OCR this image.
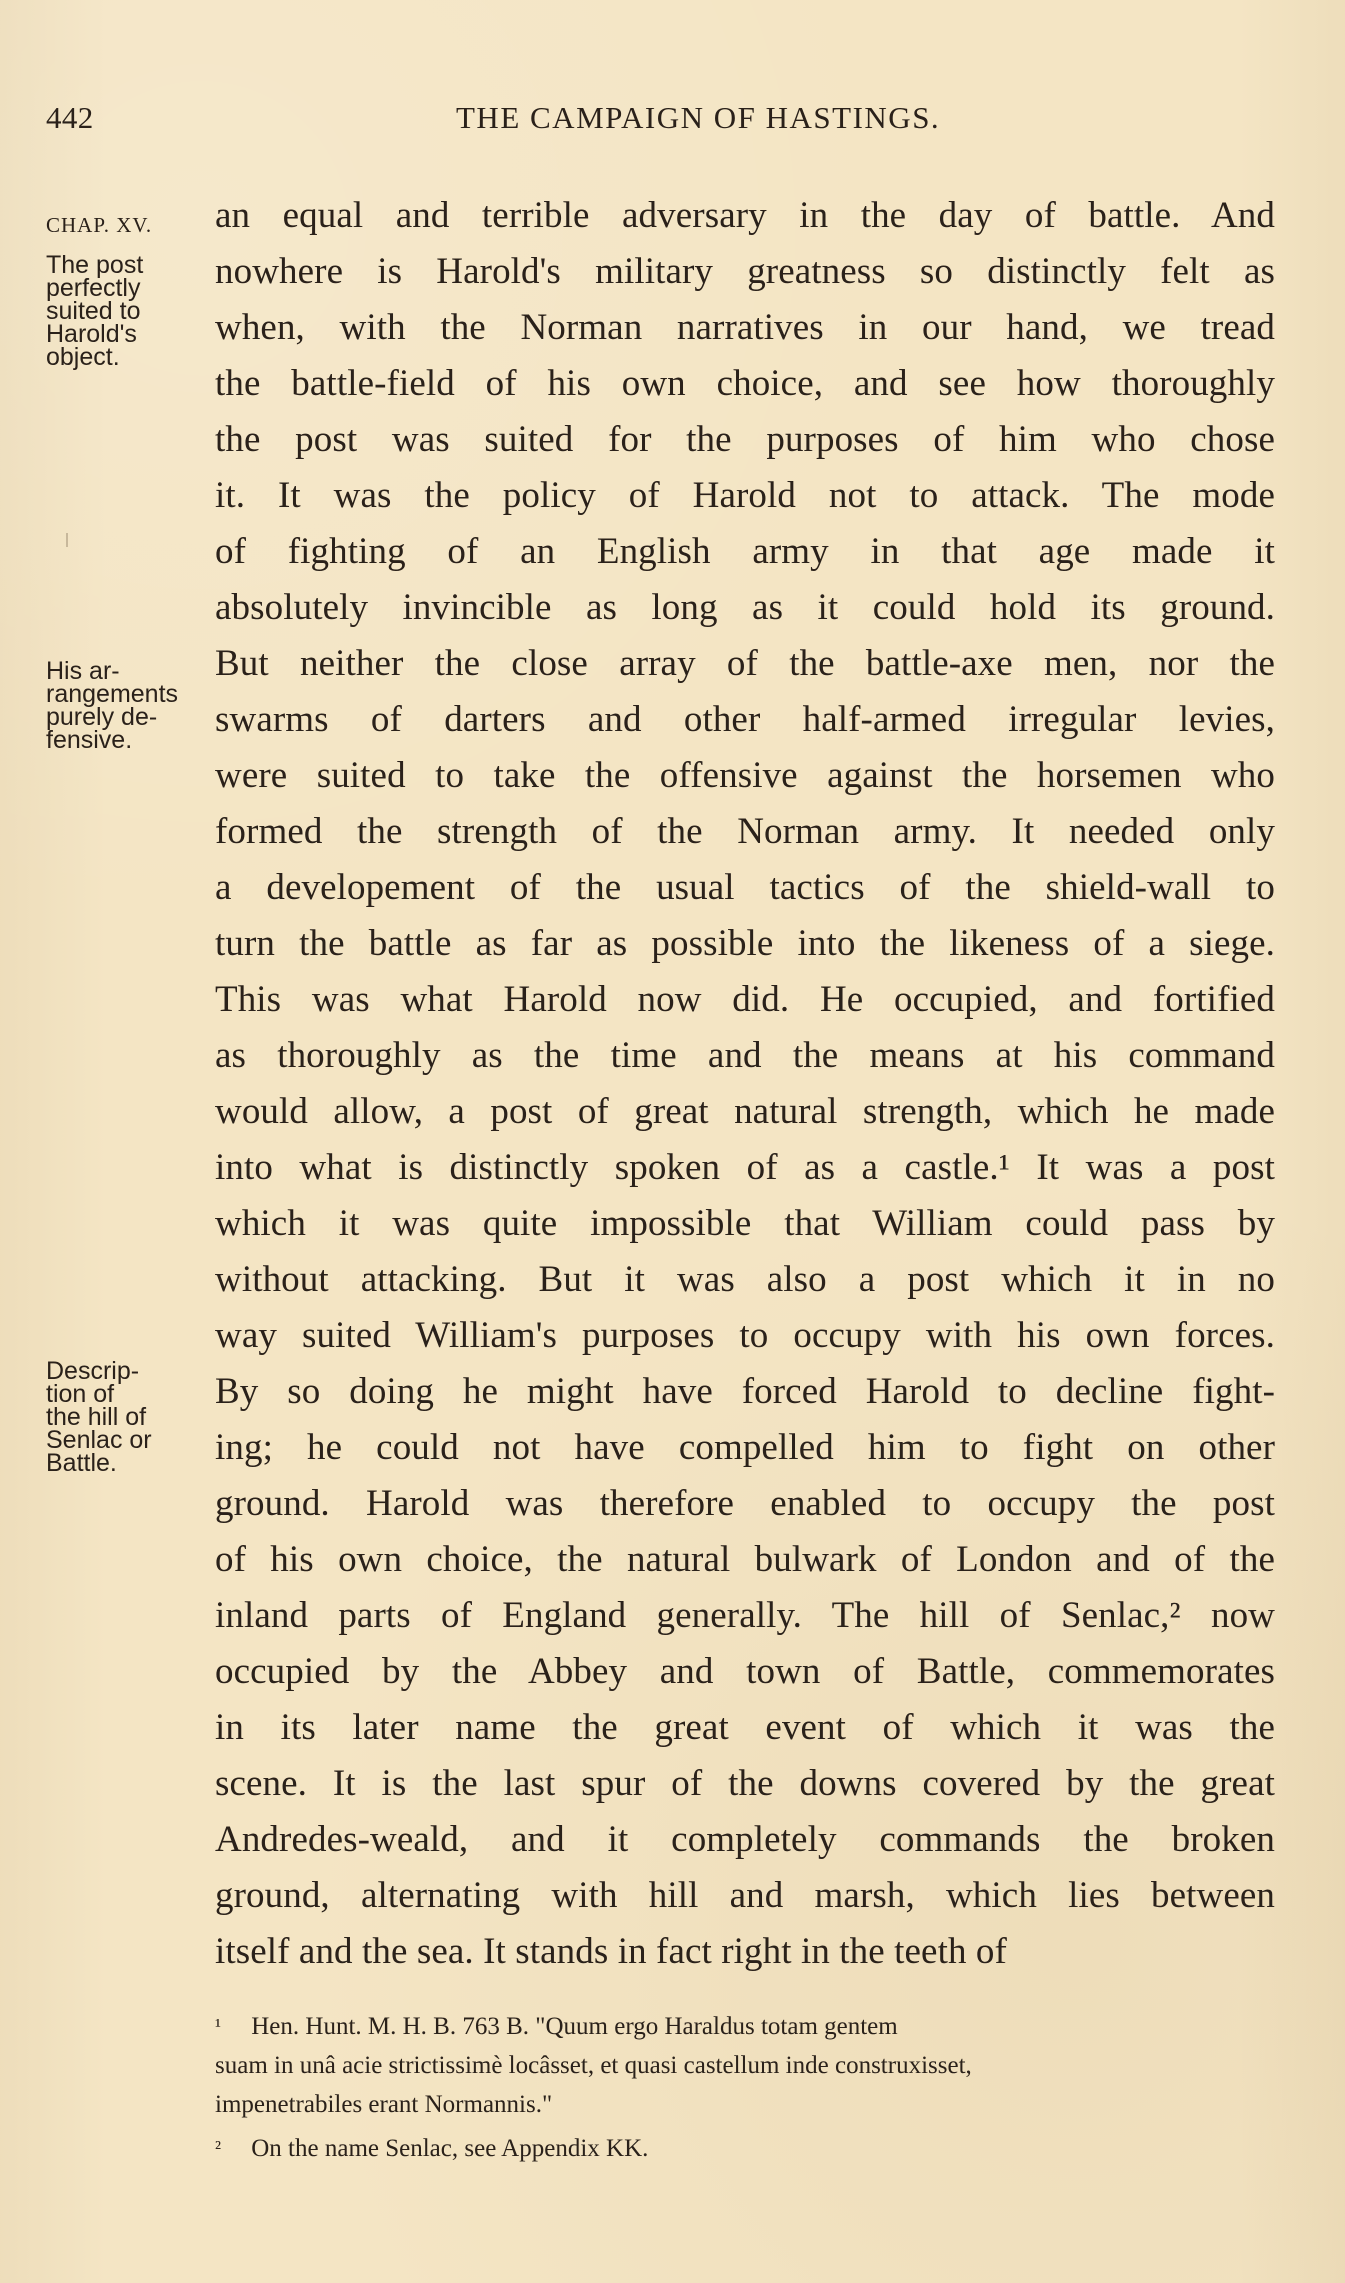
442	THE CAMPAIGN OF HASTINGS.
CHAP. XV.
The post
perfectly
suited to
Harold's
object.
His ar-
rangements
purely de-
fensive.
Descrip-
tion of
the hill of
Senlac or
Battle.
an equal and terrible adversary in the day of battle. And
nowhere is Harold's military greatness so distinctly felt as
when, with the Norman narratives in our hand, we tread
the battle-field of his own choice, and see how thoroughly
the post was suited for the purposes of him who chose
it. It was the policy of Harold not to attack. The mode
of fighting of an English army in that age made it
absolutely invincible as long as it could hold its ground.
But neither the close array of the battle-axe men, nor the
swarms of darters and other half-armed irregular levies,
were suited to take the offensive against the horsemen who
formed the strength of the Norman army. It needed only
a developement of the usual tactics of the shield-wall to
turn the battle as far as possible into the likeness of a siege.
This was what Harold now did. He occupied, and fortified
as thoroughly as the time and the means at his command
would allow, a post of great natural strength, which he made
into what is distinctly spoken of as a castle.¹ It was a post
which it was quite impossible that William could pass by
without attacking. But it was also a post which it in no
way suited William's purposes to occupy with his own forces.
By so doing he might have forced Harold to decline fight-
ing; he could not have compelled him to fight on other
ground. Harold was therefore enabled to occupy the post
of his own choice, the natural bulwark of London and of the
inland parts of England generally. The hill of Senlac,² now
occupied by the Abbey and town of Battle, commemorates
in its later name the great event of which it was the
scene. It is the last spur of the downs covered by the great
Andredes-weald, and it completely commands the broken
ground, alternating with hill and marsh, which lies between
itself and the sea. It stands in fact right in the teeth of
¹ Hen. Hunt. M. H. B. 763 B. "Quum ergo Haraldus totam gentem
suam in unâ acie strictissimè locâsset, et quasi castellum inde construxisset,
impenetrabiles erant Normannis."
² On the name Senlac, see Appendix KK.
